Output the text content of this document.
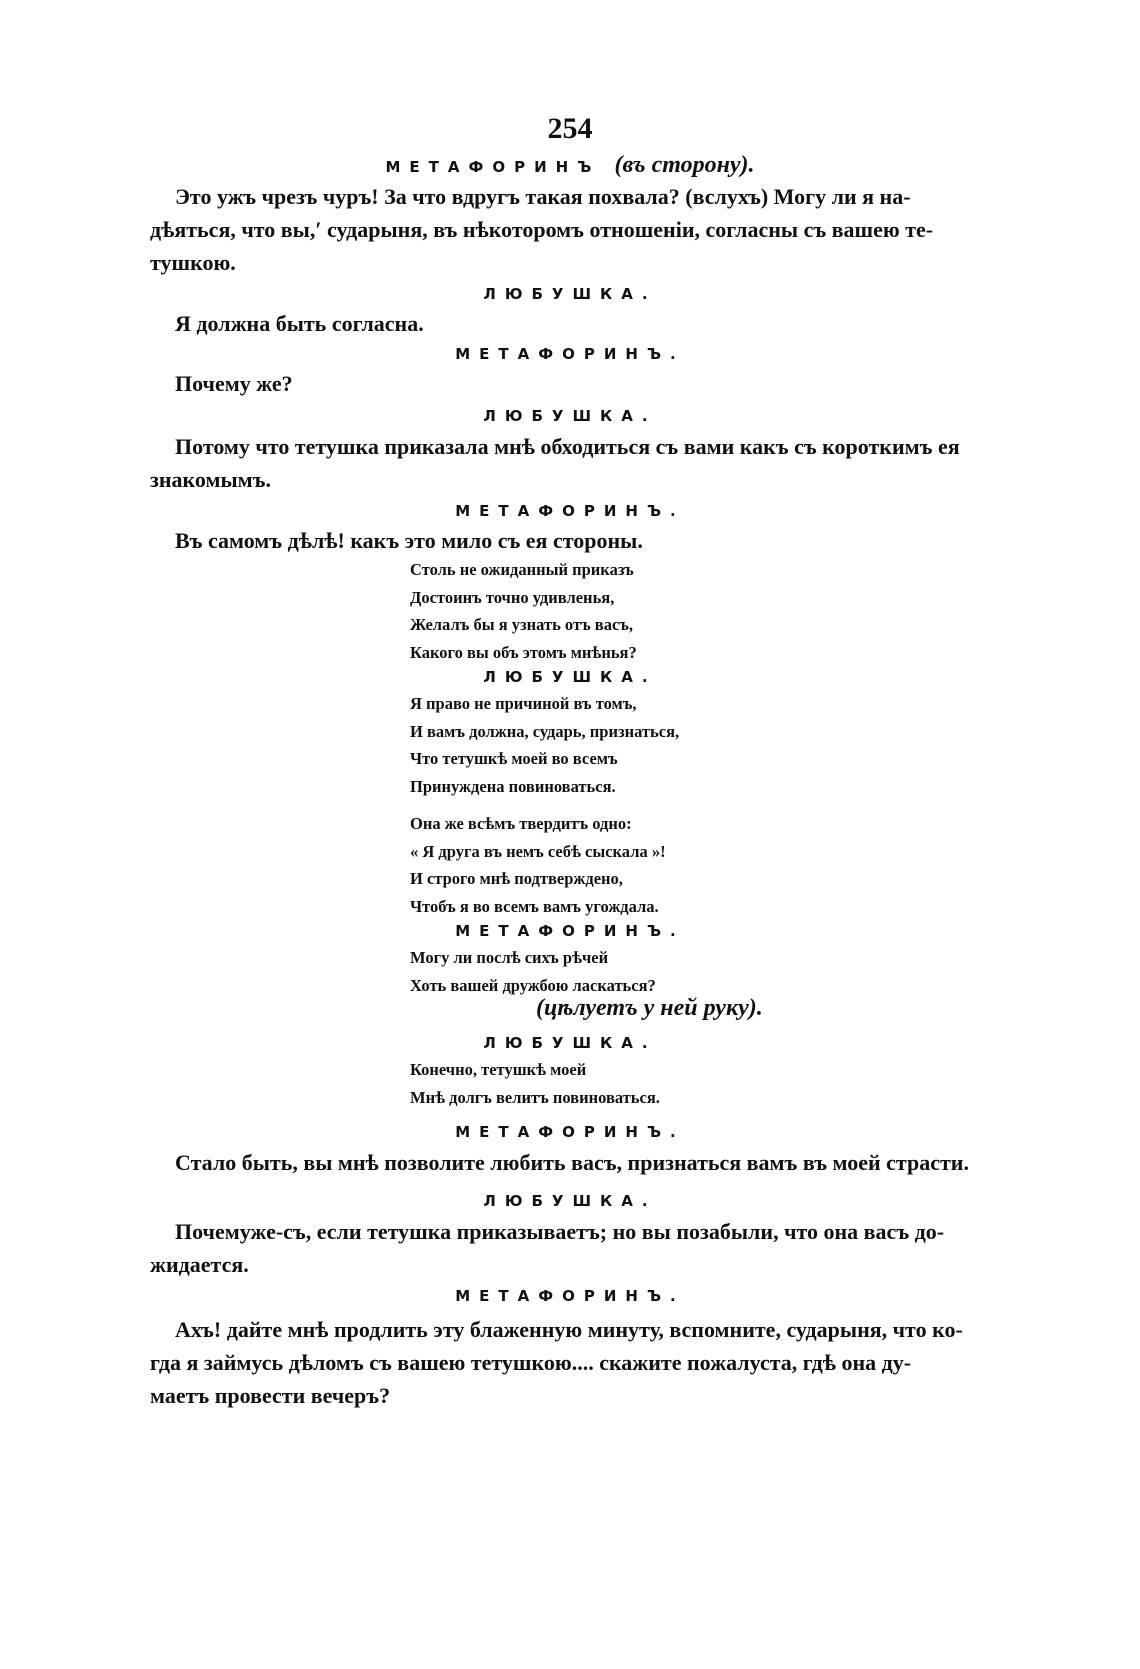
254
МЕТАФОРИНЪ (въ сторону).
Это ужъ чрезъ чуръ! За что вдругъ такая похвала? (вслухъ) Могу ли я на-
дѣяться, что вы,′ сударыня, въ нѣкоторомъ отношеніи, согласны съ вашею те-
тушкою.
ЛЮБУШКА.
Я должна быть согласна.
МЕТАФОРИНЪ.
Почему же?
ЛЮБУШКА.
Потому что тетушка приказала мнѣ обходиться съ вами какъ съ короткимъ ея
знакомымъ.
МЕТАФОРИНЪ.
Въ самомъ дѣлѣ! какъ это мило съ ея стороны.
Столь не ожиданный приказъ
Достоинъ точно удивленья,
Желалъ бы я узнать отъ васъ,
Какого вы объ этомъ мнѣнья?
ЛЮБУШКА.
Я право не причиной въ томъ,
И вамъ должна, сударь, признаться,
Что тетушкѣ моей во всемъ
Принуждена повиноваться.
Она же всѣмъ твердитъ одно:
« Я друга въ немъ себѣ сыскала »!
И строго мнѣ подтверждено,
Чтобъ я во всемъ вамъ угождала.
МЕТАФОРИНЪ.
Могу ли послѣ сихъ рѣчей
Хоть вашей дружбою ласкаться?
(цѣлуетъ у ней руку).
ЛЮБУШКА.
Конечно, тетушкѣ моей
Мнѣ долгъ велитъ повиноваться.
МЕТАФОРИНЪ.
Стало быть, вы мнѣ позволите любить васъ, признаться вамъ въ моей страсти.
ЛЮБУШКА.
Почемуже-съ, если тетушка приказываетъ; но вы позабыли, что она васъ до-
жидается.
МЕТАФОРИНЪ.
Ахъ! дайте мнѣ продлить эту блаженную минуту, вспомните, сударыня, что ко-
гда я займусь дѣломъ съ вашею тетушкою.... скажите пожалуста, гдѣ она ду-
маетъ провести вечеръ?
